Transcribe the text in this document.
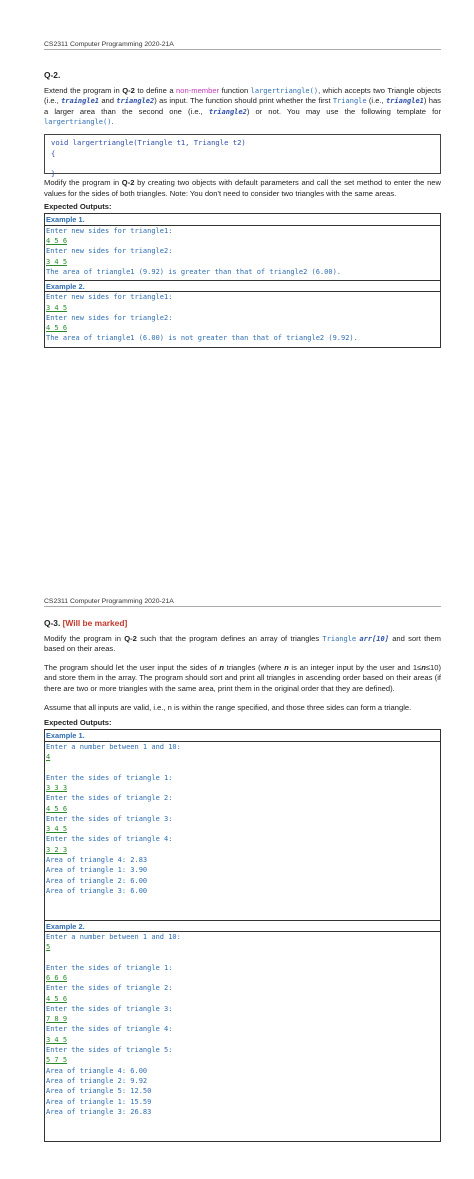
CS2311 Computer Programming 2020-21A
Q-2.
Extend the program in Q-2 to define a non-member function largertriangle(), which accepts two Triangle objects (i.e., traingle1 and triangle2) as input. The function should print whether the first Triangle (i.e., triangle1) has a larger area than the second one (i.e., triangle2) or not. You may use the following template for largertriangle().
void largertriangle(Triangle t1, Triangle t2)
{
}
Modify the program in Q-2 by creating two objects with default parameters and call the set method to enter the new values for the sides of both triangles. Note: You don't need to consider two triangles with the same areas.
Expected Outputs:
Example 1.
Enter new sides for triangle1:
4 5 6
Enter new sides for triangle2:
3 4 5
The area of triangle1 (9.92) is greater than that of triangle2 (6.00).
Example 2.
Enter new sides for triangle1:
3 4 5
Enter new sides for triangle2:
4 5 6
The area of triangle1 (6.00) is not greater than that of triangle2 (9.92).
CS2311 Computer Programming 2020-21A
Q-3. [Will be marked]
Modify the program in Q-2 such that the program defines an array of triangles Triangle arr[10] and sort them based on their areas.
The program should let the user input the sides of n triangles (where n is an integer input by the user and 1≤n≤10) and store them in the array. The program should sort and print all triangles in ascending order based on their areas (if there are two or more triangles with the same area, print them in the original order that they are defined).
Assume that all inputs are valid, i.e., n is within the range specified, and those three sides can form a triangle.
Expected Outputs:
Example 1.
Enter a number between 1 and 10:
4
Enter the sides of triangle 1:
3 3 3
Enter the sides of triangle 2:
4 5 6
Enter the sides of triangle 3:
3 4 5
Enter the sides of triangle 4:
3 2 3
Area of triangle 4: 2.83
Area of triangle 1: 3.90
Area of triangle 2: 6.00
Area of triangle 3: 6.00
Example 2.
Enter a number between 1 and 10:
5
Enter the sides of triangle 1:
6 6 6
Enter the sides of triangle 2:
4 5 6
Enter the sides of triangle 3:
7 8 9
Enter the sides of triangle 4:
3 4 5
Enter the sides of triangle 5:
5 7 5
Area of triangle 4: 6.00
Area of triangle 2: 9.92
Area of triangle 5: 12.50
Area of triangle 1: 15.59
Area of triangle 3: 26.83
